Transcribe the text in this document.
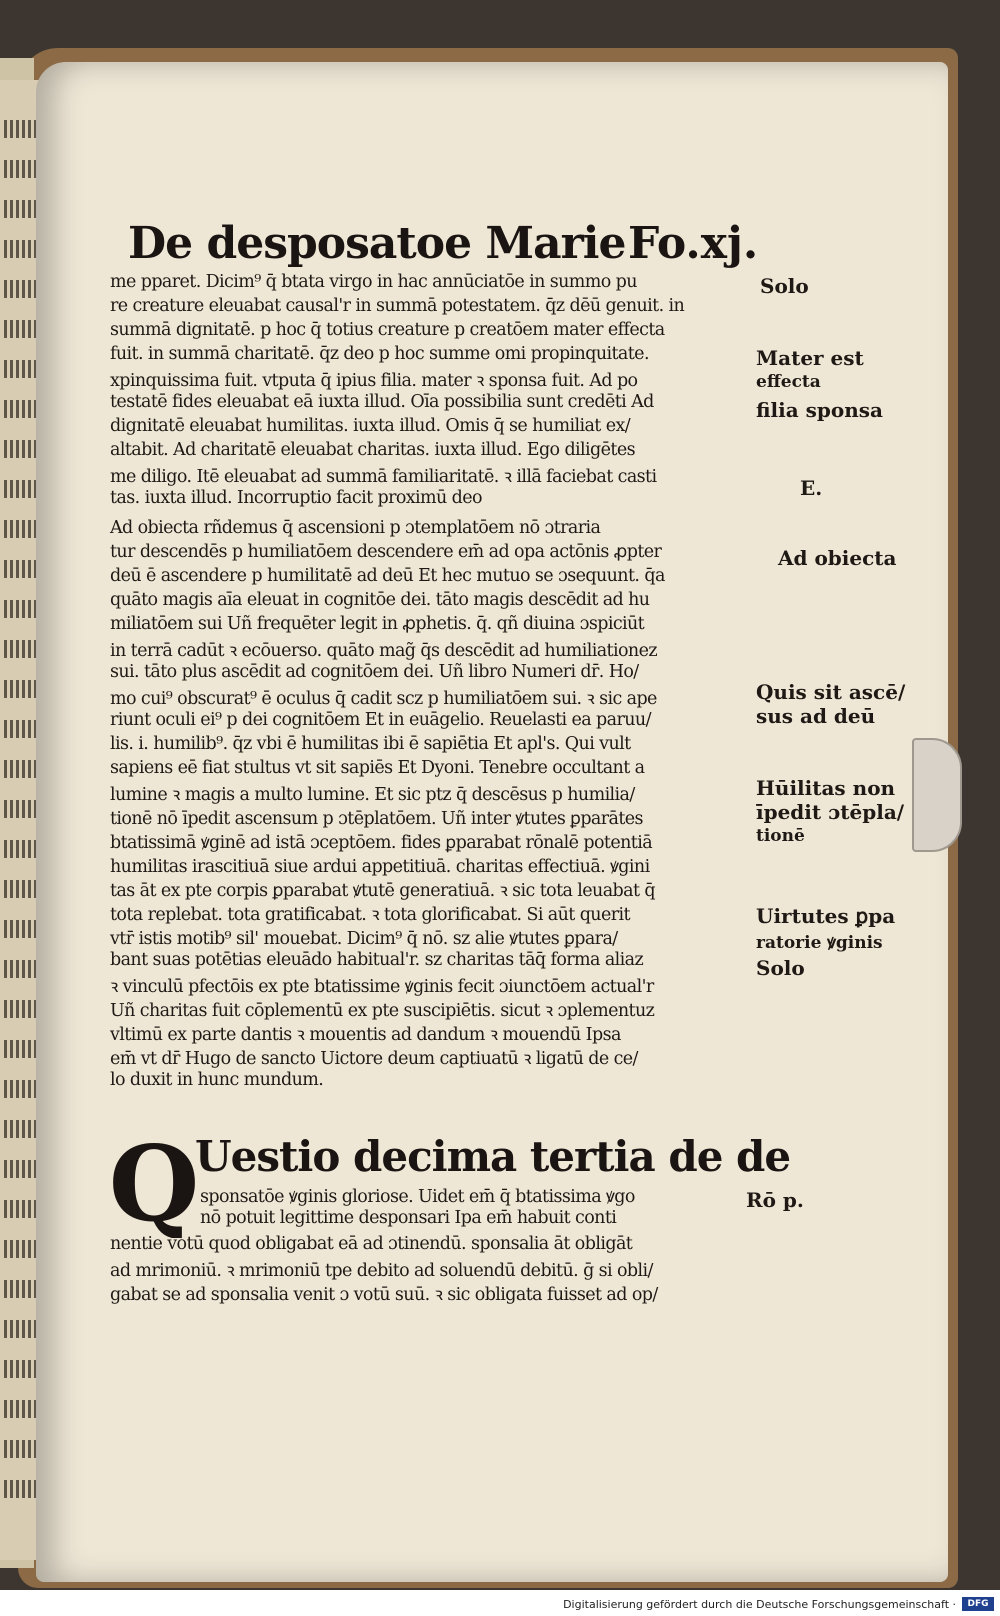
De desposatoe Marie Fo.xj.
me pparet. Dicim⁹ q̄ btata virgo in hac annūciatōe in summo pu
re creature eleuabat causal'r in summā potestatem. q̄z dēū genuit. in
summā dignitatē. p hoc q̄ totius creature p creatōem mater effecta
fuit. in summā charitatē. q̄z deo p hoc summe omi propinquitate.
xpinquissima fuit. vtputa q̄ ipius filia. mater ꝛ sponsa fuit. Ad po
testatē fides eleuabat eā iuxta illud. Oīa possibilia sunt credēti Ad
dignitatē eleuabat humilitas. iuxta illud. Omis q̄ se humiliat ex/
altabit. Ad charitatē eleuabat charitas. iuxta illud. Ego diligētes
me diligo. Itē eleuabat ad summā familiaritatē. ꝛ illā faciebat casti
tas. iuxta illud. Incorruptio facit proximū deo
Ad obiecta rñdemus q̄ ascensioni p ɔtemplatōem nō ɔtraria
tur descendēs p humiliatōem descendere em̄ ad opa actōnis ꝓpter
deū ē ascendere p humilitatē ad deū Et hec mutuo se ɔsequunt. q̄a
quāto magis aīa eleuat in cognitōe dei. tāto magis descēdit ad hu
miliatōem sui Uñ frequēter legit in ꝓphetis. q̄. qñ diuina ɔspiciūt
in terrā cadūt ꝛ ecōuerso. quāto mag̃ q̄s descēdit ad humiliationez
sui. tāto plus ascēdit ad cognitōem dei. Uñ libro Numeri dr̄. Ho/
mo cui⁹ obscurat⁹ ē oculus q̄ cadit scz p humiliatōem sui. ꝛ sic ape
riunt oculi ei⁹ p dei cognitōem Et in euāgelio. Reuelasti ea paruu/
lis. i. humilib⁹. q̄z vbi ē humilitas ibi ē sapiētia Et apl's. Qui vult
sapiens eē fiat stultus vt sit sapiēs Et Dyoni. Tenebre occultant a
lumine ꝛ magis a multo lumine. Et sic ptz q̄ descēsus p humilia/
tionē nō īpedit ascensum p ɔtēplatōem. Uñ inter ꝟtutes ꝑparātes
btatissimā ꝟginē ad istā ɔceptōem. fides ꝑparabat rōnalē potentiā
humilitas irascitiuā siue ardui appetitiuā. charitas effectiuā. ꝟgini
tas āt ex pte corpis ꝑparabat ꝟtutē generatiuā. ꝛ sic tota leuabat q̄
tota replebat. tota gratificabat. ꝛ tota glorificabat. Si aūt querit
vtr̄ istis motib⁹ sil' mouebat. Dicim⁹ q̄ nō. sz alie ꝟtutes ꝑpara/
bant suas potētias eleuādo habitual'r. sz charitas tāq̄ forma aliaz
ꝛ vinculū pfectōis ex pte btatissime ꝟginis fecit ɔiunctōem actual'r
Uñ charitas fuit cōplementū ex pte suscipiētis. sicut ꝛ ɔplementuz
vltimū ex parte dantis ꝛ mouentis ad dandum ꝛ mouendū Ipsa
em̄ vt dr̄ Hugo de sancto Uictore deum captiuatū ꝛ ligatū de ce/
lo duxit in hunc mundum.
Q
Uestio decima tertia de de
sponsatōe ꝟginis gloriose. Uidet em̄ q̄ btatissima ꝟgo
nō potuit legittime desponsari Ipa em̄ habuit conti
nentie votū quod obligabat eā ad ɔtinendū. sponsalia āt obligāt
ad mrimoniū. ꝛ mrimoniū tpe debito ad soluendū debitū. ḡ si obli/
gabat se ad sponsalia venit ɔ votū suū. ꝛ sic obligata fuisset ad op/
Solo
Mater est
effecta
filia sponsa
E.
Ad obiecta
Quis sit ascē/
sus ad deū
Hūilitas non
īpedit ɔtēpla/
tionē
Uirtutes ꝑpa
ratorie ꝟginis
Solo
Rō p.
Digitalisierung gefördert durch die Deutsche Forschungsgemeinschaft ·	DFG
